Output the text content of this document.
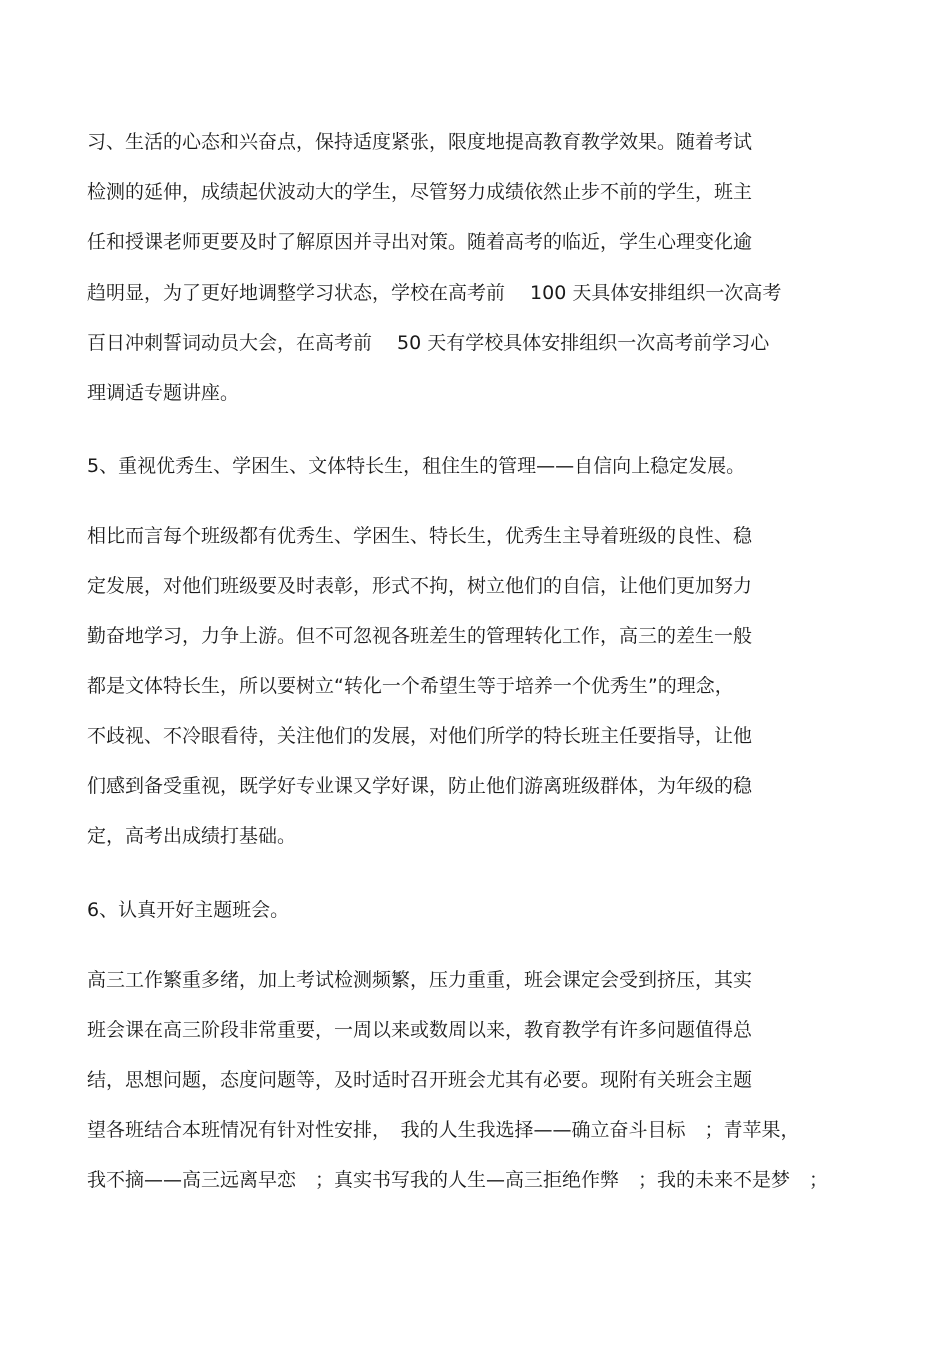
习、生活的心态和兴奋点，保持适度紧张，限度地提高教育教学效果。随着考试
检测的延伸，成绩起伏波动大的学生，尽管努力成绩依然止步不前的学生，班主
任和授课老师更要及时了解原因并寻出对策。随着高考的临近，学生心理变化逾
趋明显，为了更好地调整学习状态，学校在高考前　 100 天具体安排组织一次高考
百日冲刺誓词动员大会，在高考前　 50 天有学校具体安排组织一次高考前学习心
理调适专题讲座。
5、重视优秀生、学困生、文体特长生，租住生的管理——自信向上稳定发展。
相比而言每个班级都有优秀生、学困生、特长生，优秀生主导着班级的良性、稳
定发展，对他们班级要及时表彰，形式不拘，树立他们的自信，让他们更加努力
勤奋地学习，力争上游。但不可忽视各班差生的管理转化工作，高三的差生一般
都是文体特长生，所以要树立“转化一个希望生等于培养一个优秀生”的理念，
不歧视、不冷眼看待，关注他们的发展，对他们所学的特长班主任要指导，让他
们感到备受重视，既学好专业课又学好课，防止他们游离班级群体，为年级的稳
定，高考出成绩打基础。
6、认真开好主题班会。
高三工作繁重多绪，加上考试检测频繁，压力重重，班会课定会受到挤压，其实
班会课在高三阶段非常重要，一周以来或数周以来，教育教学有许多问题值得总
结，思想问题，态度问题等，及时适时召开班会尤其有必要。现附有关班会主题
望各班结合本班情况有针对性安排，　我的人生我选择——确立奋斗目标　；青苹果，
我不摘——高三远离早恋　；真实书写我的人生—高三拒绝作弊　；我的未来不是梦　；
